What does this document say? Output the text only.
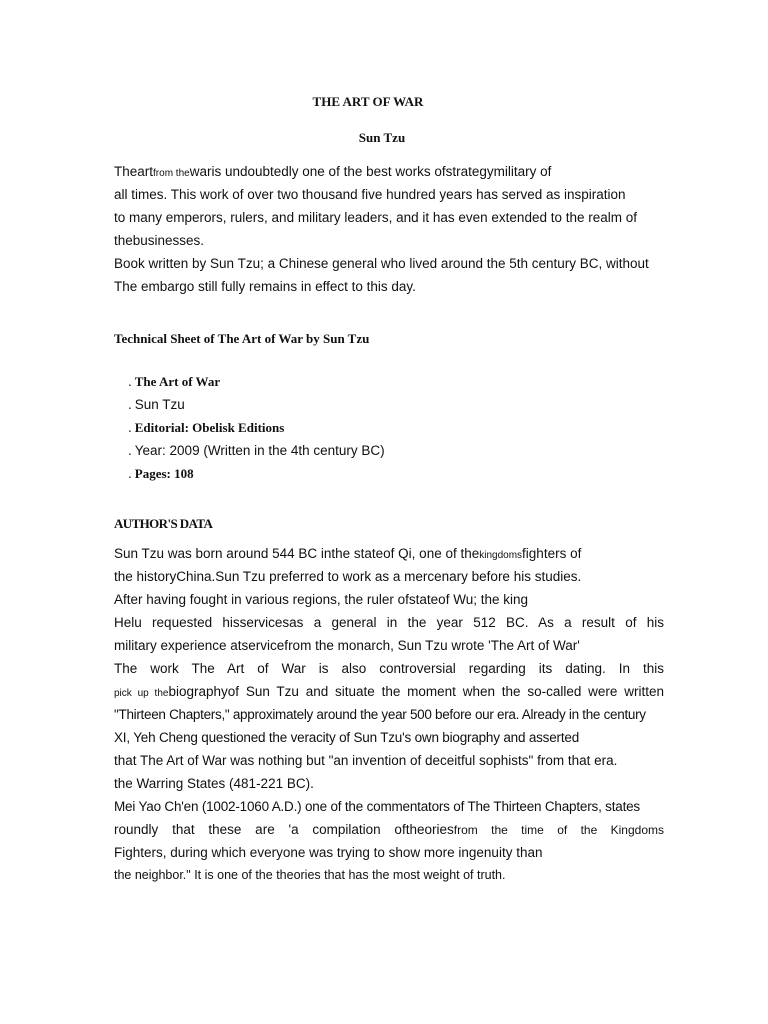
THE ART OF WAR
Sun Tzu
Theartfrom thewaris undoubtedly one of the best works ofstrategymilitary of
all times. This work of over two thousand five hundred years has served as inspiration
to many emperors, rulers, and military leaders, and it has even extended to the realm of
thebusinesses.
Book written by Sun Tzu; a Chinese general who lived around the 5th century BC, without
The embargo still fully remains in effect to this day.
Technical Sheet of The Art of War by Sun Tzu
. The Art of War
. Sun Tzu
. Editorial: Obelisk Editions
. Year: 2009 (Written in the 4th century BC)
. Pages: 108
AUTHOR'S DATA
Sun Tzu was born around 544 BC inthe stateof Qi, one of thekingdomsfighters of
the historyChina.Sun Tzu preferred to work as a mercenary before his studies.
After having fought in various regions, the ruler ofstateof Wu; the king
Helu requested hisservicesas a general in the year 512 BC. As a result of his
military experience atservicefrom the monarch, Sun Tzu wrote 'The Art of War'
The work The Art of War is also controversial regarding its dating. In this
pick up thebiographyof Sun Tzu and situate the moment when the so-called were written
"Thirteen Chapters," approximately around the year 500 before our era. Already in the century
XI, Yeh Cheng questioned the veracity of Sun Tzu's own biography and asserted
that The Art of War was nothing but "an invention of deceitful sophists" from that era.
the Warring States (481-221 BC).
Mei Yao Ch'en (1002-1060 A.D.) one of the commentators of The Thirteen Chapters, states
roundly that these are 'a compilation oftheoriesfrom the time of the Kingdoms
Fighters, during which everyone was trying to show more ingenuity than
the neighbor." It is one of the theories that has the most weight of truth.
